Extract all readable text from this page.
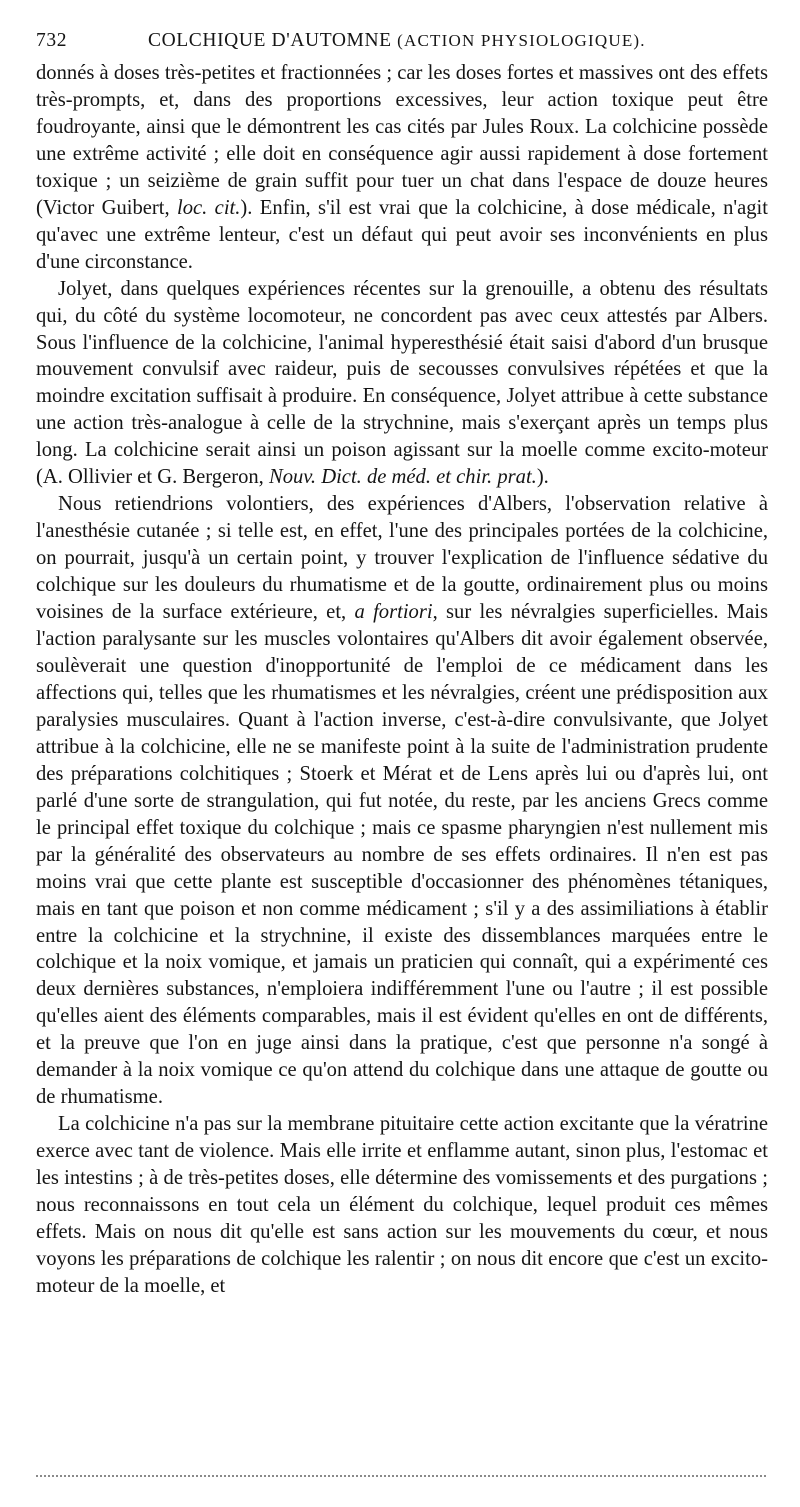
732	COLCHIQUE D'AUTOMNE (ACTION PHYSIOLOGIQUE).

donnés à doses très-petites et fractionnées ; car les doses fortes et massives ont des effets très-prompts, et, dans des proportions excessives, leur action toxique peut être foudroyante, ainsi que le démontrent les cas cités par Jules Roux. La colchicine possède une extrême activité ; elle doit en conséquence agir aussi rapidement à dose fortement toxique ; un seizième de grain suffit pour tuer un chat dans l'espace de douze heures (Victor Guibert, loc. cit.). Enfin, s'il est vrai que la colchicine, à dose médicale, n'agit qu'avec une extrême lenteur, c'est un défaut qui peut avoir ses inconvénients en plus d'une circonstance.

Jolyet, dans quelques expériences récentes sur la grenouille, a obtenu des résultats qui, du côté du système locomoteur, ne concordent pas avec ceux attestés par Albers. Sous l'influence de la colchicine, l'animal hyperesthésié était saisi d'abord d'un brusque mouvement convulsif avec raideur, puis de secousses convulsives répétées et que la moindre excitation suffisait à produire. En conséquence, Jolyet attribue à cette substance une action très-analogue à celle de la strychnine, mais s'exerçant après un temps plus long. La colchicine serait ainsi un poison agissant sur la moelle comme excito-moteur (A. Ollivier et G. Bergeron, Nouv. Dict. de méd. et chir. prat.).

Nous retiendrions volontiers, des expériences d'Albers, l'observation relative à l'anesthésie cutanée ; si telle est, en effet, l'une des principales portées de la colchicine, on pourrait, jusqu'à un certain point, y trouver l'explication de l'influence sédative du colchique sur les douleurs du rhumatisme et de la goutte, ordinairement plus ou moins voisines de la surface extérieure, et, a fortiori, sur les névralgies superficielles. Mais l'action paralysante sur les muscles volontaires qu'Albers dit avoir également observée, soulèverait une question d'inopportunité de l'emploi de ce médicament dans les affections qui, telles que les rhumatismes et les névralgies, créent une prédisposition aux paralysies musculaires. Quant à l'action inverse, c'est-à-dire convulsivante, que Jolyet attribue à la colchicine, elle ne se manifeste point à la suite de l'administration prudente des préparations colchitiques ; Stoerk et Mérat et de Lens après lui ou d'après lui, ont parlé d'une sorte de strangulation, qui fut notée, du reste, par les anciens Grecs comme le principal effet toxique du colchique ; mais ce spasme pharyngien n'est nullement mis par la généralité des observateurs au nombre de ses effets ordinaires. Il n'en est pas moins vrai que cette plante est susceptible d'occasionner des phénomènes tétaniques, mais en tant que poison et non comme médicament ; s'il y a des assimiliations à établir entre la colchicine et la strychnine, il existe des dissemblances marquées entre le colchique et la noix vomique, et jamais un praticien qui connaît, qui a expérimenté ces deux dernières substances, n'emploiera indifféremment l'une ou l'autre ; il est possible qu'elles aient des éléments comparables, mais il est évident qu'elles en ont de différents, et la preuve que l'on en juge ainsi dans la pratique, c'est que personne n'a songé à demander à la noix vomique ce qu'on attend du colchique dans une attaque de goutte ou de rhumatisme.

La colchicine n'a pas sur la membrane pituitaire cette action excitante que la vératrine exerce avec tant de violence. Mais elle irrite et enflamme autant, sinon plus, l'estomac et les intestins ; à de très-petites doses, elle détermine des vomissements et des purgations ; nous reconnaissons en tout cela un élément du colchique, lequel produit ces mêmes effets. Mais on nous dit qu'elle est sans action sur les mouvements du cœur, et nous voyons les préparations de colchique les ralentir ; on nous dit encore que c'est un excito-moteur de la moelle, et
